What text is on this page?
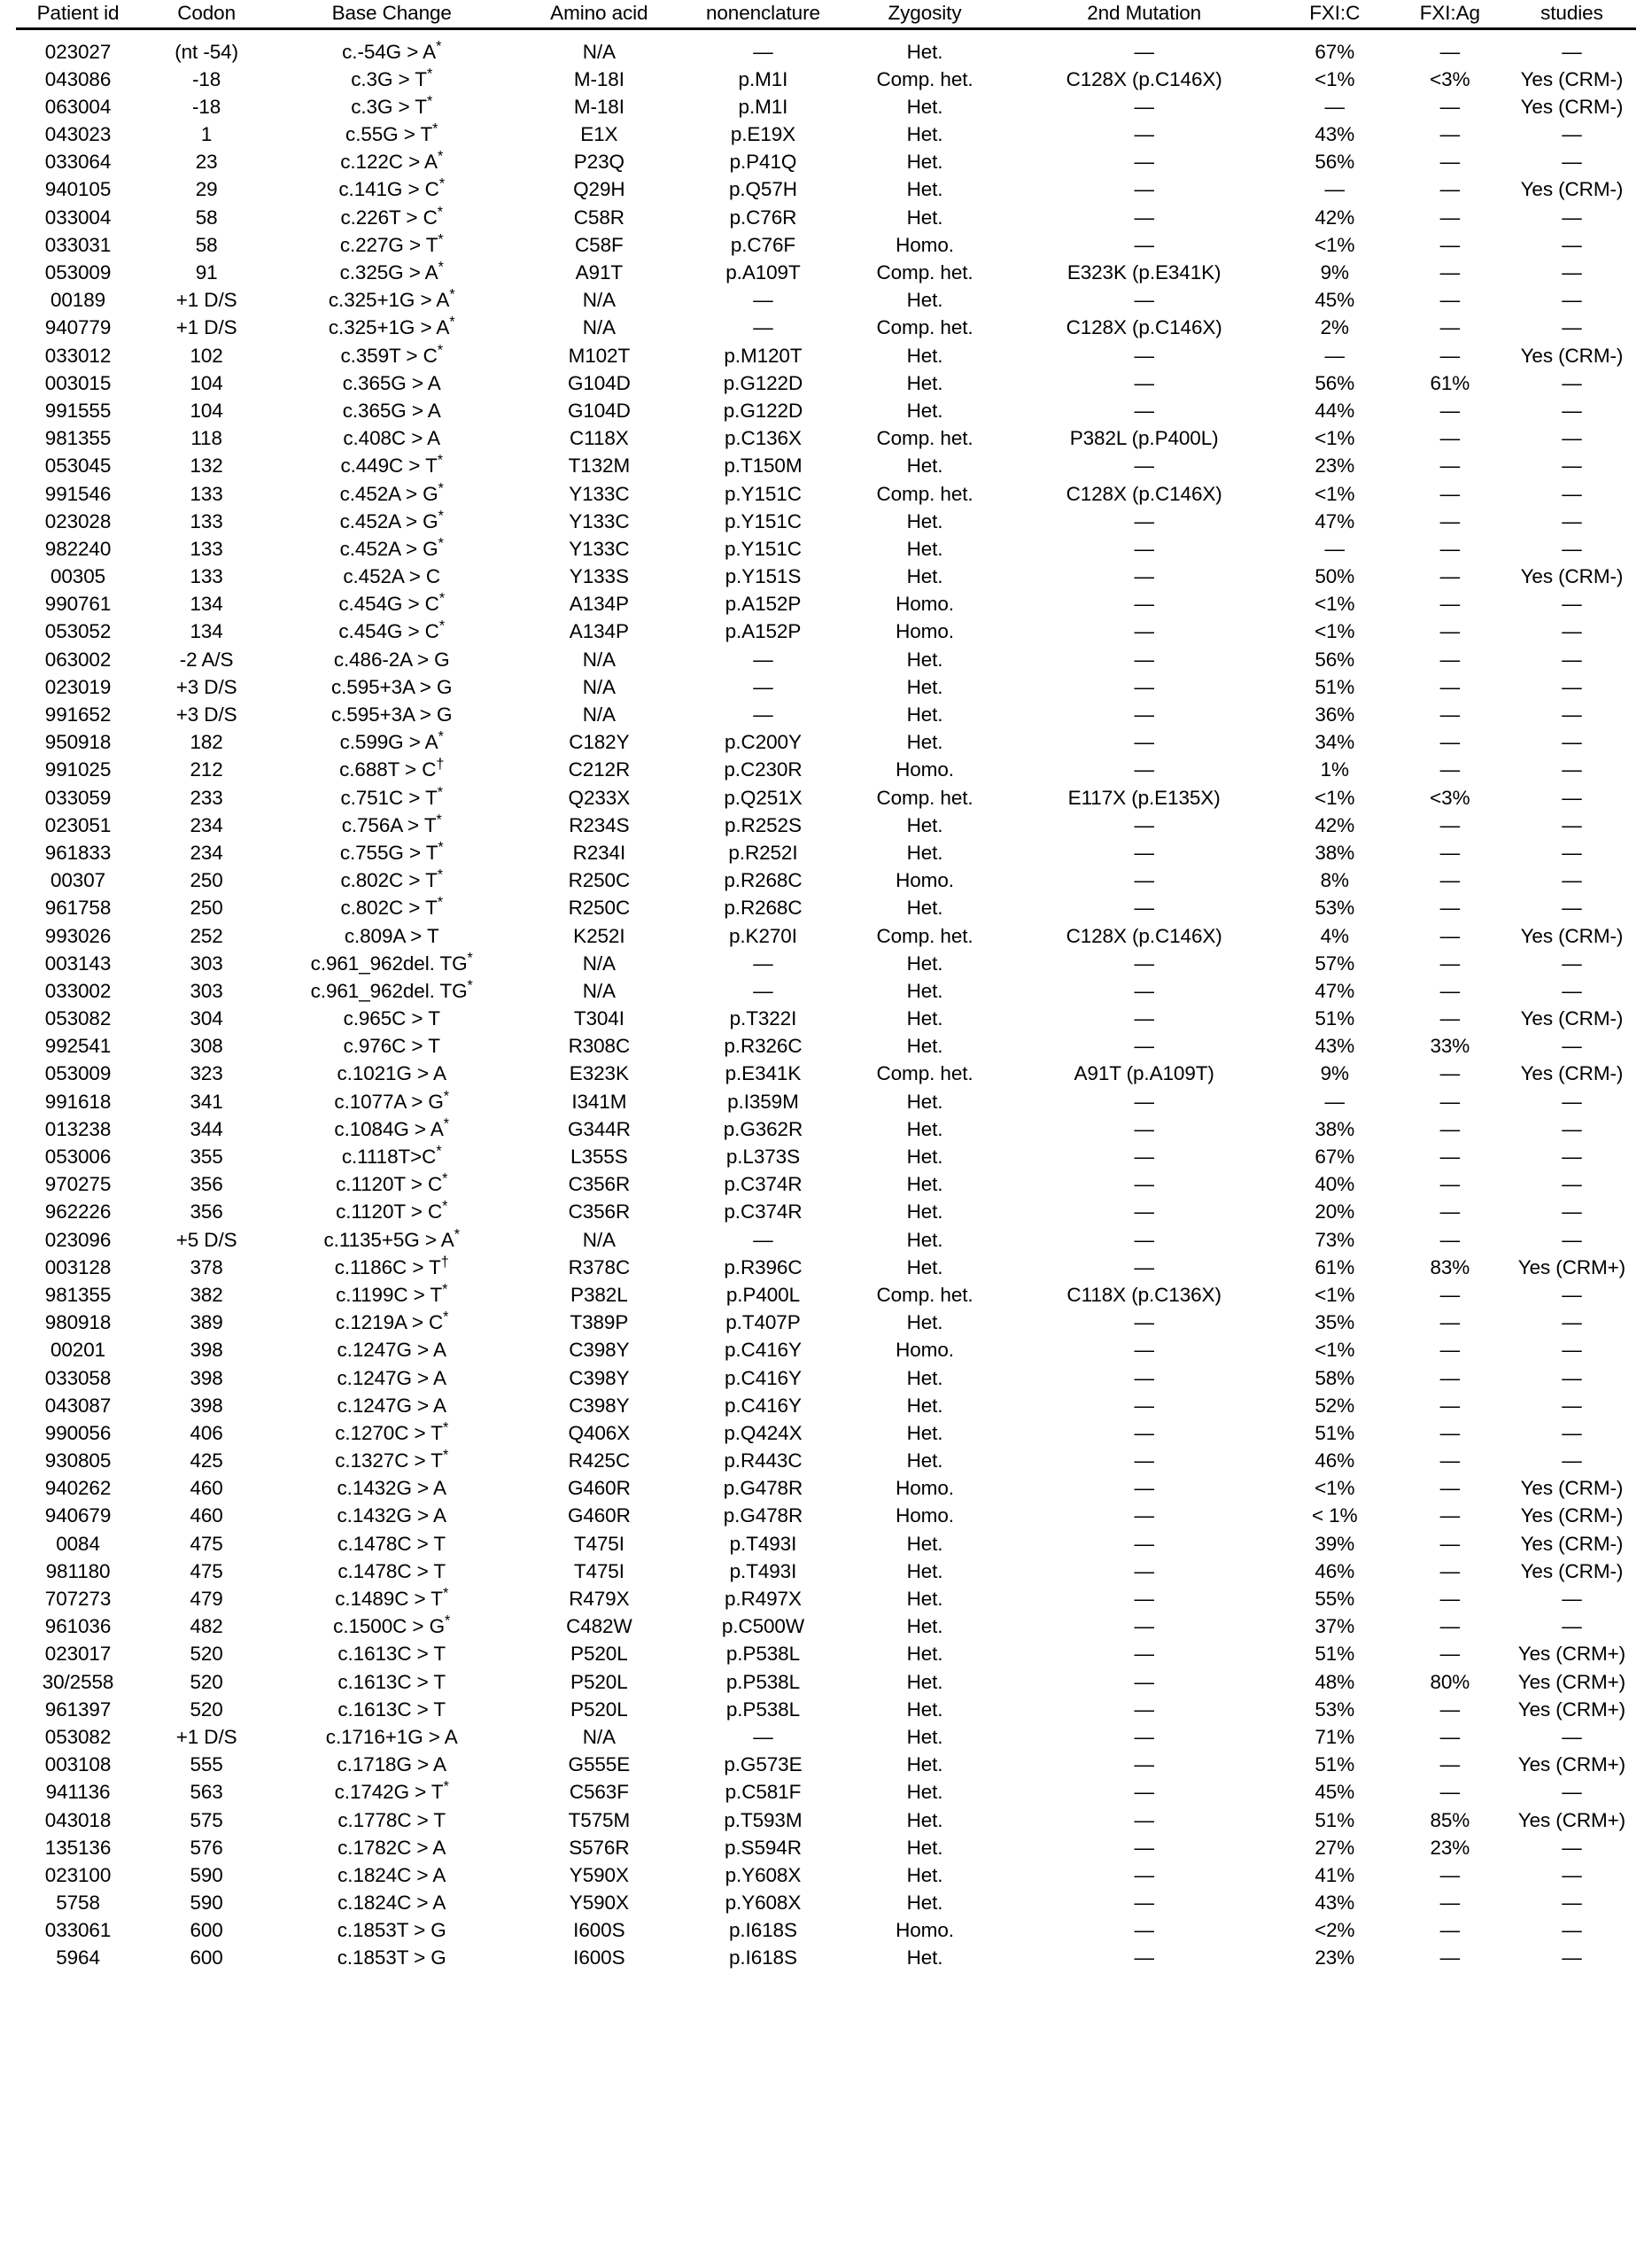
Patient id	Codon	Base Change	Amino acid	nonenclature	Zygosity	2nd Mutation	FXI:C	FXI:Ag	studies
023027	(nt -54)	c.-54G > A*	N/A	—	Het.	—	67%	—	—
043086	-18	c.3G > T*	M-18I	p.M1I	Comp. het.	C128X (p.C146X)	<1%	<3%	Yes (CRM-)
063004	-18	c.3G > T*	M-18I	p.M1I	Het.	—	—	—	Yes (CRM-)
043023	1	c.55G > T*	E1X	p.E19X	Het.	—	43%	—	—
033064	23	c.122C > A*	P23Q	p.P41Q	Het.	—	56%	—	—
940105	29	c.141G > C*	Q29H	p.Q57H	Het.	—	—	—	Yes (CRM-)
033004	58	c.226T > C*	C58R	p.C76R	Het.	—	42%	—	—
033031	58	c.227G > T*	C58F	p.C76F	Homo.	—	<1%	—	—
053009	91	c.325G > A*	A91T	p.A109T	Comp. het.	E323K (p.E341K)	9%	—	—
00189	+1 D/S	c.325+1G > A*	N/A	—	Het.	—	45%	—	—
940779	+1 D/S	c.325+1G > A*	N/A	—	Comp. het.	C128X (p.C146X)	2%	—	—
033012	102	c.359T > C*	M102T	p.M120T	Het.	—	—	—	Yes (CRM-)
003015	104	c.365G > A	G104D	p.G122D	Het.	—	56%	61%	—
991555	104	c.365G > A	G104D	p.G122D	Het.	—	44%	—	—
981355	118	c.408C > A	C118X	p.C136X	Comp. het.	P382L (p.P400L)	<1%	—	—
053045	132	c.449C > T*	T132M	p.T150M	Het.	—	23%	—	—
991546	133	c.452A > G*	Y133C	p.Y151C	Comp. het.	C128X (p.C146X)	<1%	—	—
023028	133	c.452A > G*	Y133C	p.Y151C	Het.	—	47%	—	—
982240	133	c.452A > G*	Y133C	p.Y151C	Het.	—	—	—	—
00305	133	c.452A > C	Y133S	p.Y151S	Het.	—	50%	—	Yes (CRM-)
990761	134	c.454G > C*	A134P	p.A152P	Homo.	—	<1%	—	—
053052	134	c.454G > C*	A134P	p.A152P	Homo.	—	<1%	—	—
063002	-2 A/S	c.486-2A > G	N/A	—	Het.	—	56%	—	—
023019	+3 D/S	c.595+3A > G	N/A	—	Het.	—	51%	—	—
991652	+3 D/S	c.595+3A > G	N/A	—	Het.	—	36%	—	—
950918	182	c.599G > A*	C182Y	p.C200Y	Het.	—	34%	—	—
991025	212	c.688T > C†	C212R	p.C230R	Homo.	—	1%	—	—
033059	233	c.751C > T*	Q233X	p.Q251X	Comp. het.	E117X (p.E135X)	<1%	<3%	—
023051	234	c.756A > T*	R234S	p.R252S	Het.	—	42%	—	—
961833	234	c.755G > T*	R234I	p.R252I	Het.	—	38%	—	—
00307	250	c.802C > T*	R250C	p.R268C	Homo.	—	8%	—	—
961758	250	c.802C > T*	R250C	p.R268C	Het.	—	53%	—	—
993026	252	c.809A > T	K252I	p.K270I	Comp. het.	C128X (p.C146X)	4%	—	Yes (CRM-)
003143	303	c.961_962del. TG*	N/A	—	Het.	—	57%	—	—
033002	303	c.961_962del. TG*	N/A	—	Het.	—	47%	—	—
053082	304	c.965C > T	T304I	p.T322I	Het.	—	51%	—	Yes (CRM-)
992541	308	c.976C > T	R308C	p.R326C	Het.	—	43%	33%	—
053009	323	c.1021G > A	E323K	p.E341K	Comp. het.	A91T (p.A109T)	9%	—	Yes (CRM-)
991618	341	c.1077A > G*	I341M	p.I359M	Het.	—	—	—	—
013238	344	c.1084G > A*	G344R	p.G362R	Het.	—	38%	—	—
053006	355	c.1118T>C*	L355S	p.L373S	Het.	—	67%	—	—
970275	356	c.1120T > C*	C356R	p.C374R	Het.	—	40%	—	—
962226	356	c.1120T > C*	C356R	p.C374R	Het.	—	20%	—	—
023096	+5 D/S	c.1135+5G > A*	N/A	—	Het.	—	73%	—	—
003128	378	c.1186C > T†	R378C	p.R396C	Het.	—	61%	83%	Yes (CRM+)
981355	382	c.1199C > T*	P382L	p.P400L	Comp. het.	C118X (p.C136X)	<1%	—	—
980918	389	c.1219A > C*	T389P	p.T407P	Het.	—	35%	—	—
00201	398	c.1247G > A	C398Y	p.C416Y	Homo.	—	<1%	—	—
033058	398	c.1247G > A	C398Y	p.C416Y	Het.	—	58%	—	—
043087	398	c.1247G > A	C398Y	p.C416Y	Het.	—	52%	—	—
990056	406	c.1270C > T*	Q406X	p.Q424X	Het.	—	51%	—	—
930805	425	c.1327C > T*	R425C	p.R443C	Het.	—	46%	—	—
940262	460	c.1432G > A	G460R	p.G478R	Homo.	—	<1%	—	Yes (CRM-)
940679	460	c.1432G > A	G460R	p.G478R	Homo.	—	< 1%	—	Yes (CRM-)
0084	475	c.1478C > T	T475I	p.T493I	Het.	—	39%	—	Yes (CRM-)
981180	475	c.1478C > T	T475I	p.T493I	Het.	—	46%	—	Yes (CRM-)
707273	479	c.1489C > T*	R479X	p.R497X	Het.	—	55%	—	—
961036	482	c.1500C > G*	C482W	p.C500W	Het.	—	37%	—	—
023017	520	c.1613C > T	P520L	p.P538L	Het.	—	51%	—	Yes (CRM+)
30/2558	520	c.1613C > T	P520L	p.P538L	Het.	—	48%	80%	Yes (CRM+)
961397	520	c.1613C > T	P520L	p.P538L	Het.	—	53%	—	Yes (CRM+)
053082	+1 D/S	c.1716+1G > A	N/A	—	Het.	—	71%	—	—
003108	555	c.1718G > A	G555E	p.G573E	Het.	—	51%	—	Yes (CRM+)
941136	563	c.1742G > T*	C563F	p.C581F	Het.	—	45%	—	—
043018	575	c.1778C > T	T575M	p.T593M	Het.	—	51%	85%	Yes (CRM+)
135136	576	c.1782C > A	S576R	p.S594R	Het.	—	27%	23%	—
023100	590	c.1824C > A	Y590X	p.Y608X	Het.	—	41%	—	—
5758	590	c.1824C > A	Y590X	p.Y608X	Het.	—	43%	—	—
033061	600	c.1853T > G	I600S	p.I618S	Homo.	—	<2%	—	—
5964	600	c.1853T > G	I600S	p.I618S	Het.	—	23%	—	—
